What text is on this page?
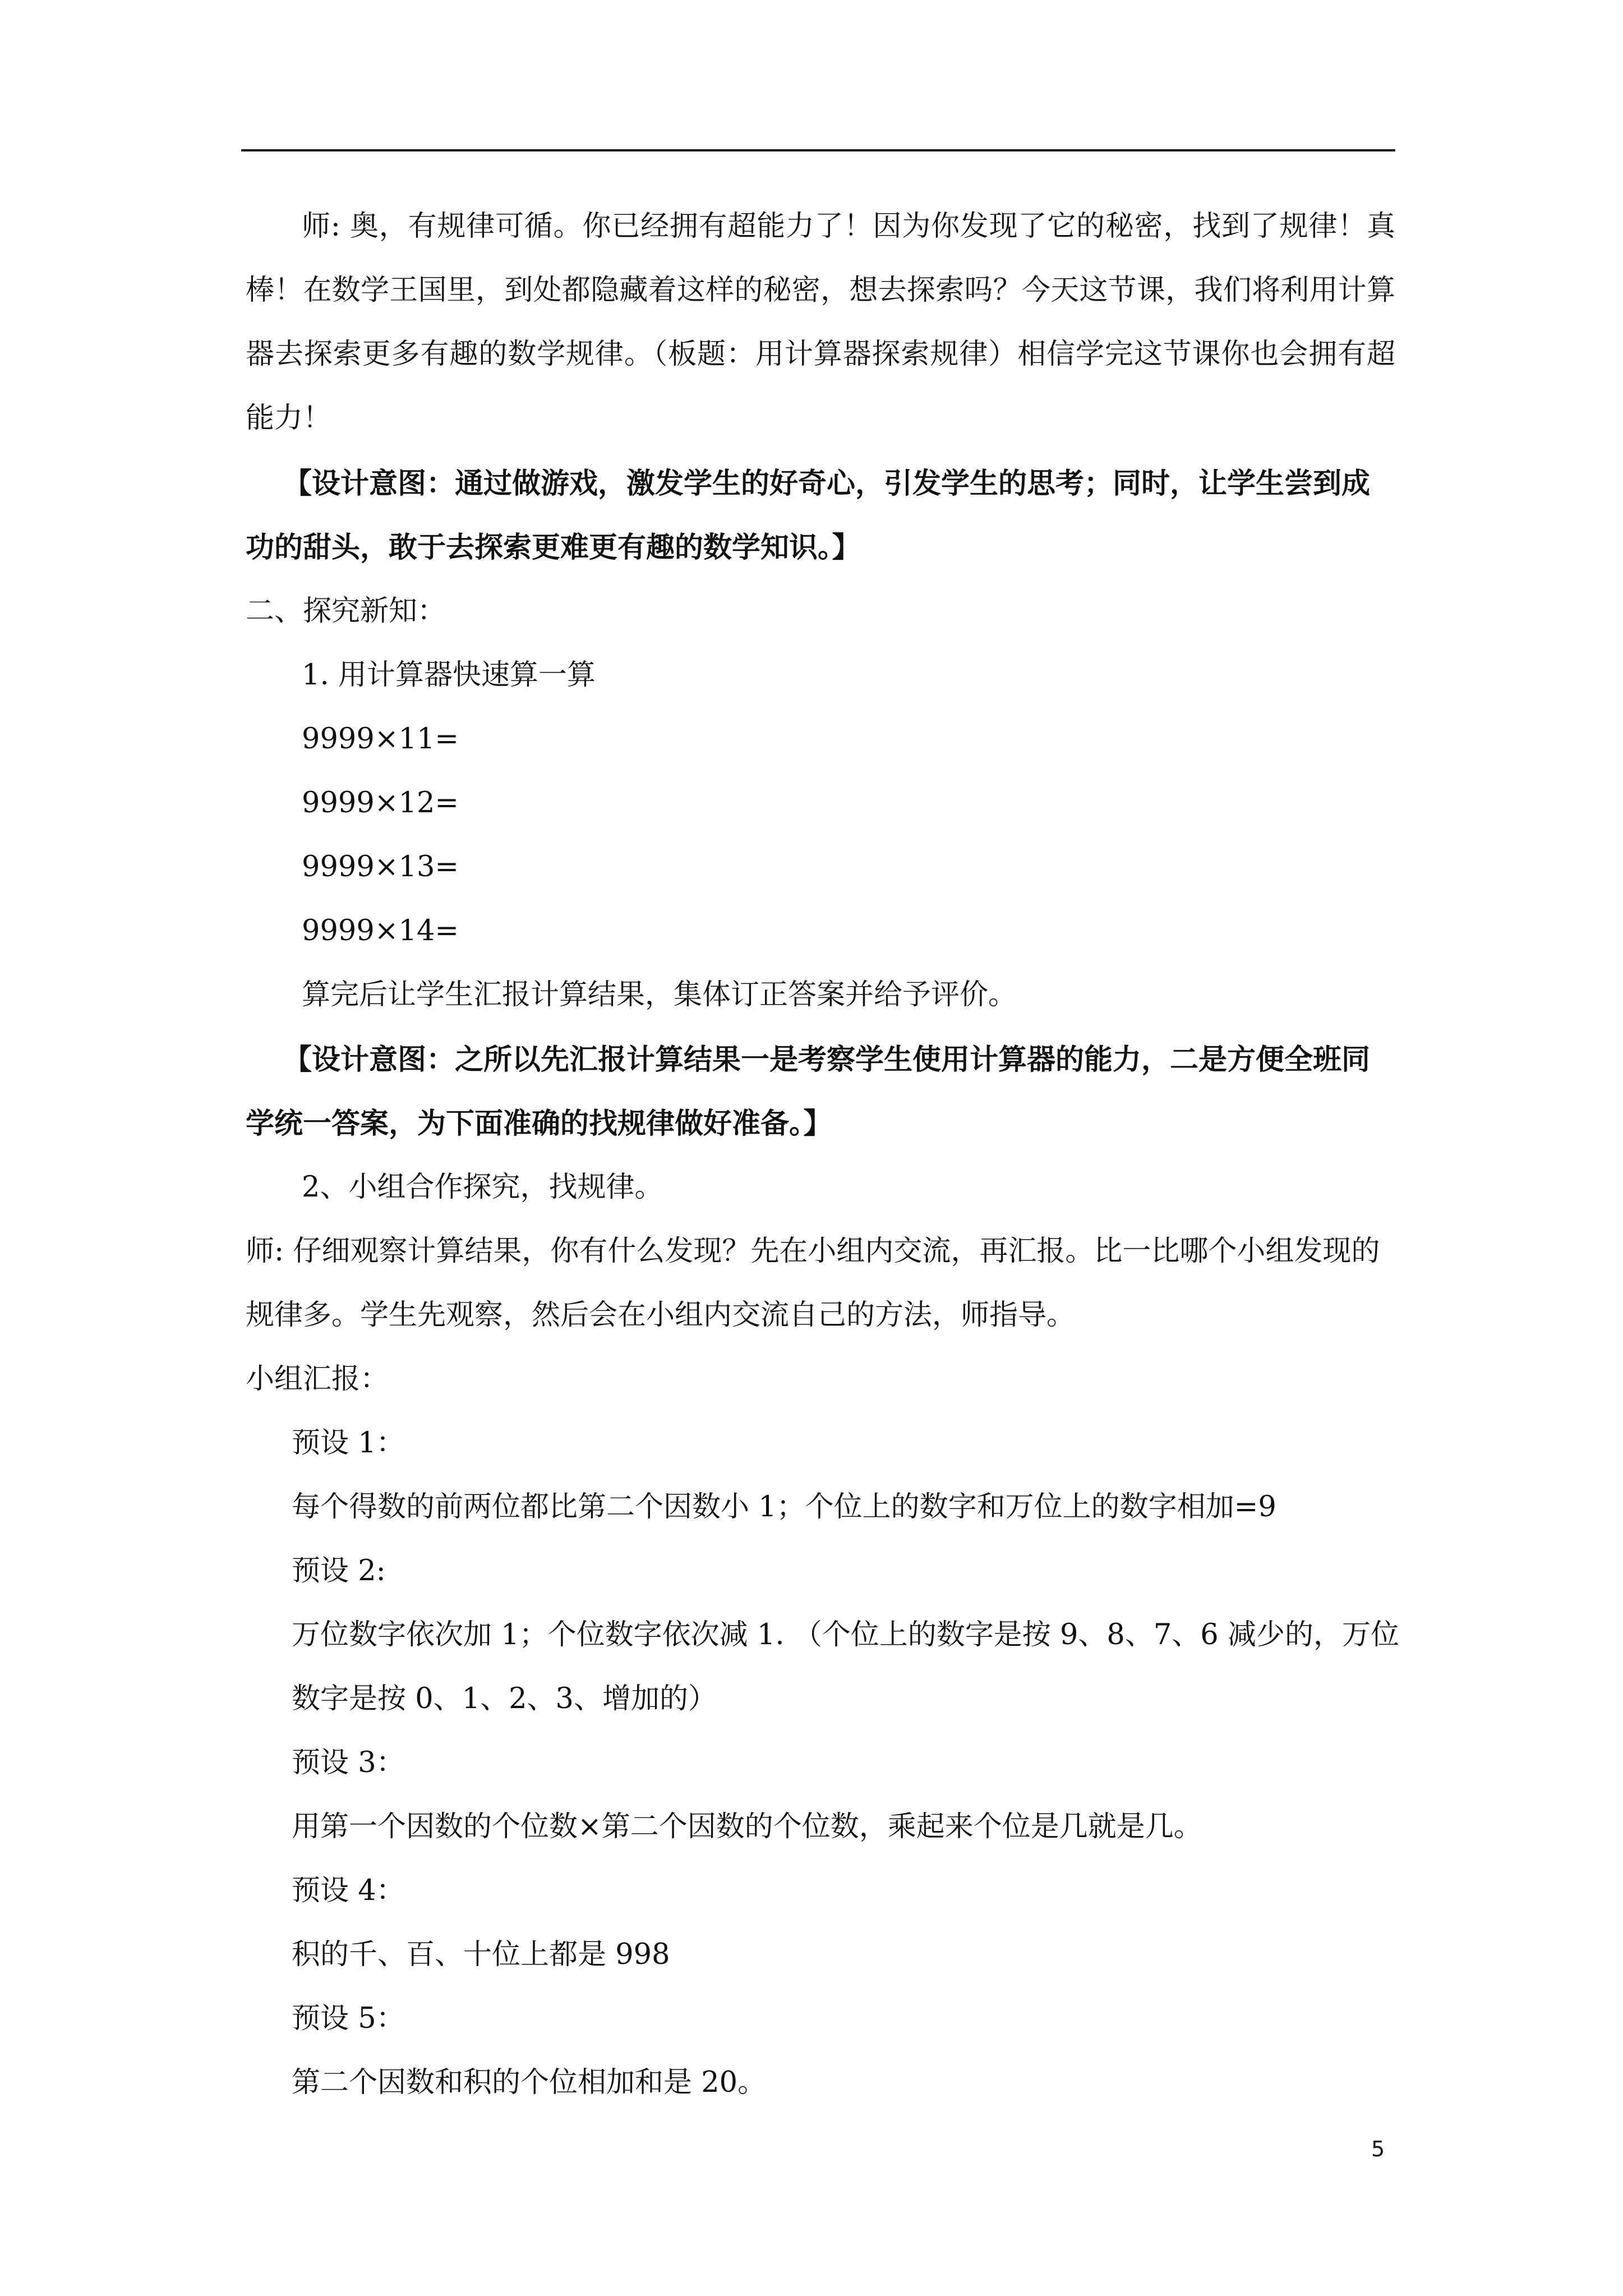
师: 奥，有规律可循。你已经拥有超能力了！因为你发现了它的秘密，找到了规律！真
棒！在数学王国里，到处都隐藏着这样的秘密，想去探索吗？今天这节课，我们将利用计算
器去探索更多有趣的数学规律。（板题：用计算器探索规律）相信学完这节课你也会拥有超
能力！
【设计意图：通过做游戏，激发学生的好奇心，引发学生的思考；同时，让学生尝到成
功的甜头，敢于去探索更难更有趣的数学知识。】
二、探究新知：
1. 用计算器快速算一算
9999×11=
9999×12=
9999×13=
9999×14=
算完后让学生汇报计算结果，集体订正答案并给予评价。
【设计意图：之所以先汇报计算结果一是考察学生使用计算器的能力，二是方便全班同
学统一答案，为下面准确的找规律做好准备。】
2、小组合作探究，找规律。
师: 仔细观察计算结果，你有什么发现？先在小组内交流，再汇报。比一比哪个小组发现的
规律多。学生先观察，然后会在小组内交流自己的方法，师指导。
小组汇报：
预设 1：
每个得数的前两位都比第二个因数小 1；个位上的数字和万位上的数字相加=9
预设 2:
万位数字依次加 1；个位数字依次减 1. （个位上的数字是按 9、8、7、6 减少的，万位
数字是按 0、1、2、3、增加的）
预设 3：
用第一个因数的个位数×第二个因数的个位数，乘起来个位是几就是几。
预设 4：
积的千、百、十位上都是 998
预设 5：
第二个因数和积的个位相加和是 20。
5
